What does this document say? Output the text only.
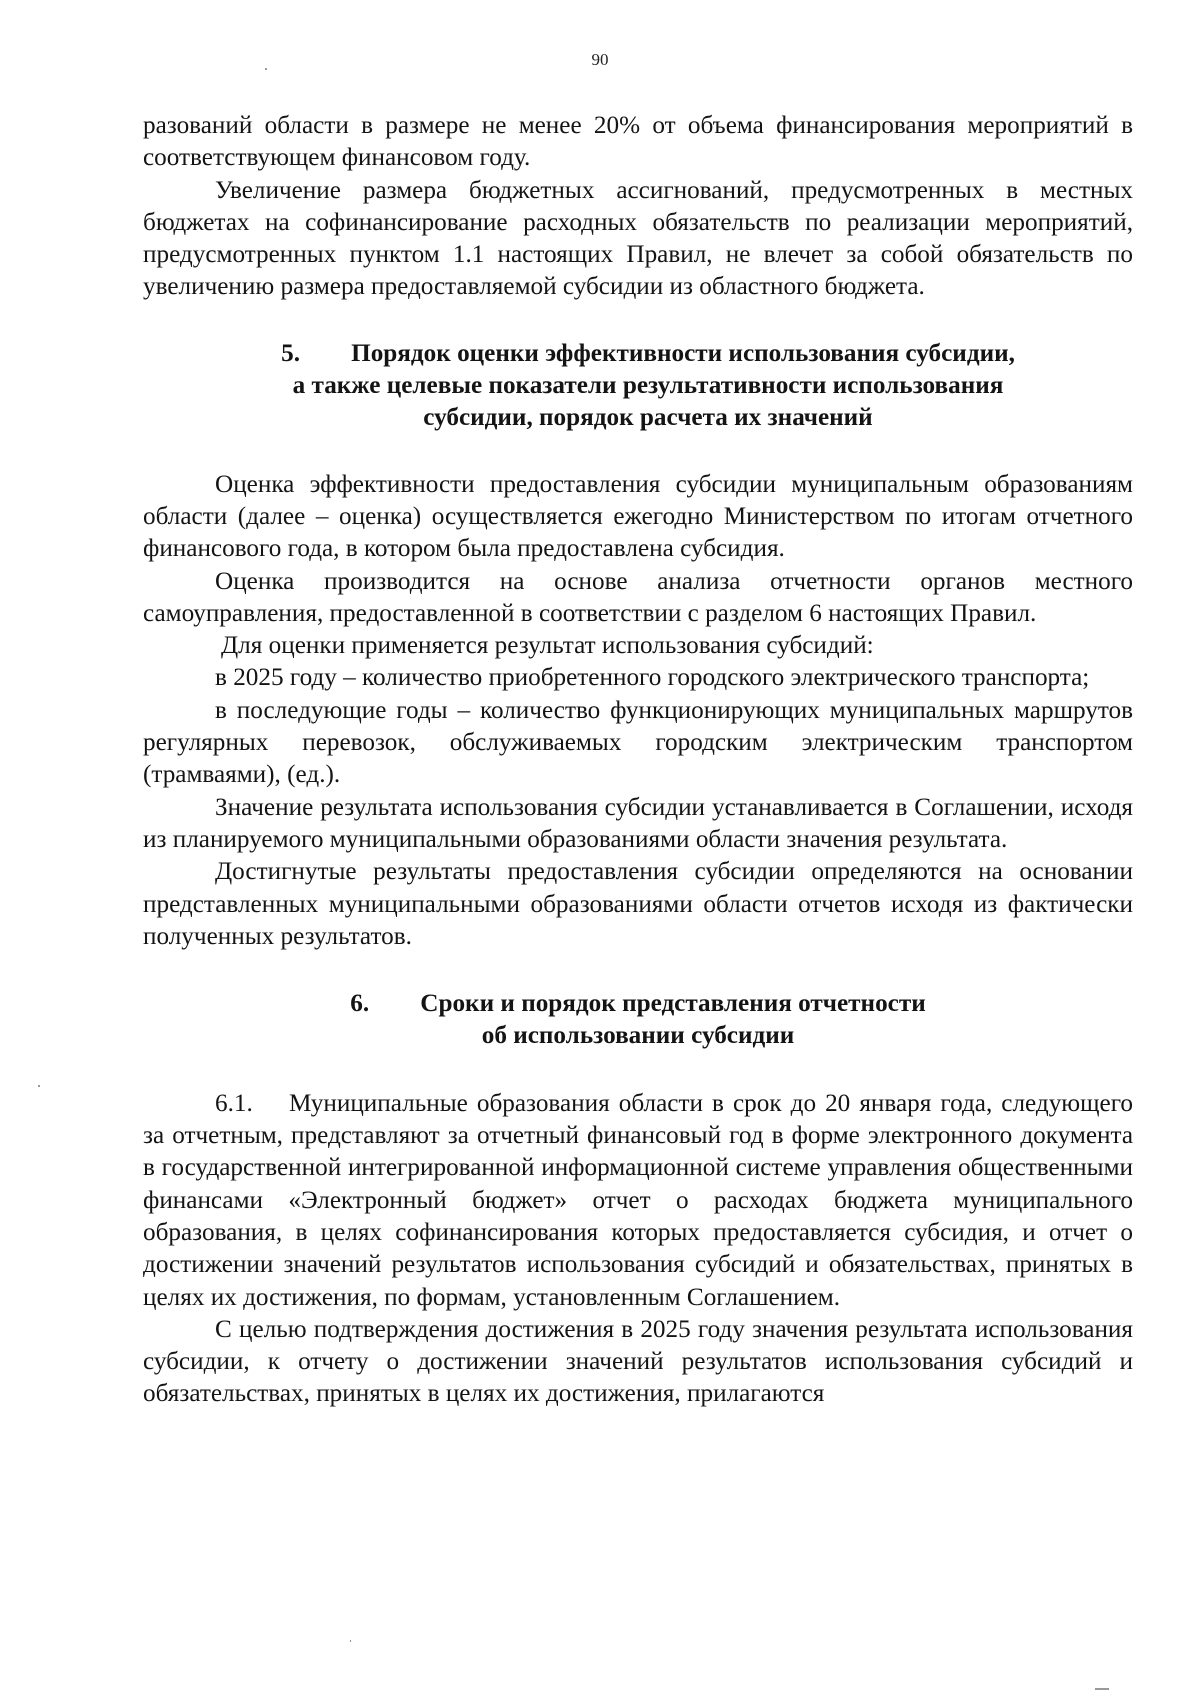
90

разований области в размере не менее 20% от объема финансирования мероприятий в соответствующем финансовом году.

Увеличение размера бюджетных ассигнований, предусмотренных в местных бюджетах на софинансирование расходных обязательств по реализации мероприятий, предусмотренных пунктом 1.1 настоящих Правил, не влечет за собой обязательств по увеличению размера предоставляемой субсидии из областного бюджета.

5. Порядок оценки эффективности использования субсидии,
а также целевые показатели результативности использования
субсидии, порядок расчета их значений

Оценка эффективности предоставления субсидии муниципальным образованиям области (далее – оценка) осуществляется ежегодно Министерством по итогам отчетного финансового года, в котором была предоставлена субсидия.

Оценка производится на основе анализа отчетности органов местного самоуправления, предоставленной в соответствии с разделом 6 настоящих Правил.

Для оценки применяется результат использования субсидий:

в 2025 году – количество приобретенного городского электрического транспорта;

в последующие годы – количество функционирующих муниципальных маршрутов регулярных перевозок, обслуживаемых городским электрическим транспортом (трамваями), (ед.).

Значение результата использования субсидии устанавливается в Соглашении, исходя из планируемого муниципальными образованиями области значения результата.

Достигнутые результаты предоставления субсидии определяются на основании представленных муниципальными образованиями области отчетов исходя из фактически полученных результатов.

6. Сроки и порядок представления отчетности
об использовании субсидии

6.1. Муниципальные образования области в срок до 20 января года, следующего за отчетным, представляют за отчетный финансовый год в форме электронного документа в государственной интегрированной информационной системе управления общественными финансами «Электронный бюджет» отчет о расходах бюджета муниципального образования, в целях софинансирования которых предоставляется субсидия, и отчет о достижении значений результатов использования субсидий и обязательствах, принятых в целях их достижения, по формам, установленным Соглашением.

С целью подтверждения достижения в 2025 году значения результата использования субсидии, к отчету о достижении значений результатов использования субсидий и обязательствах, принятых в целях их достижения, прилагаются
